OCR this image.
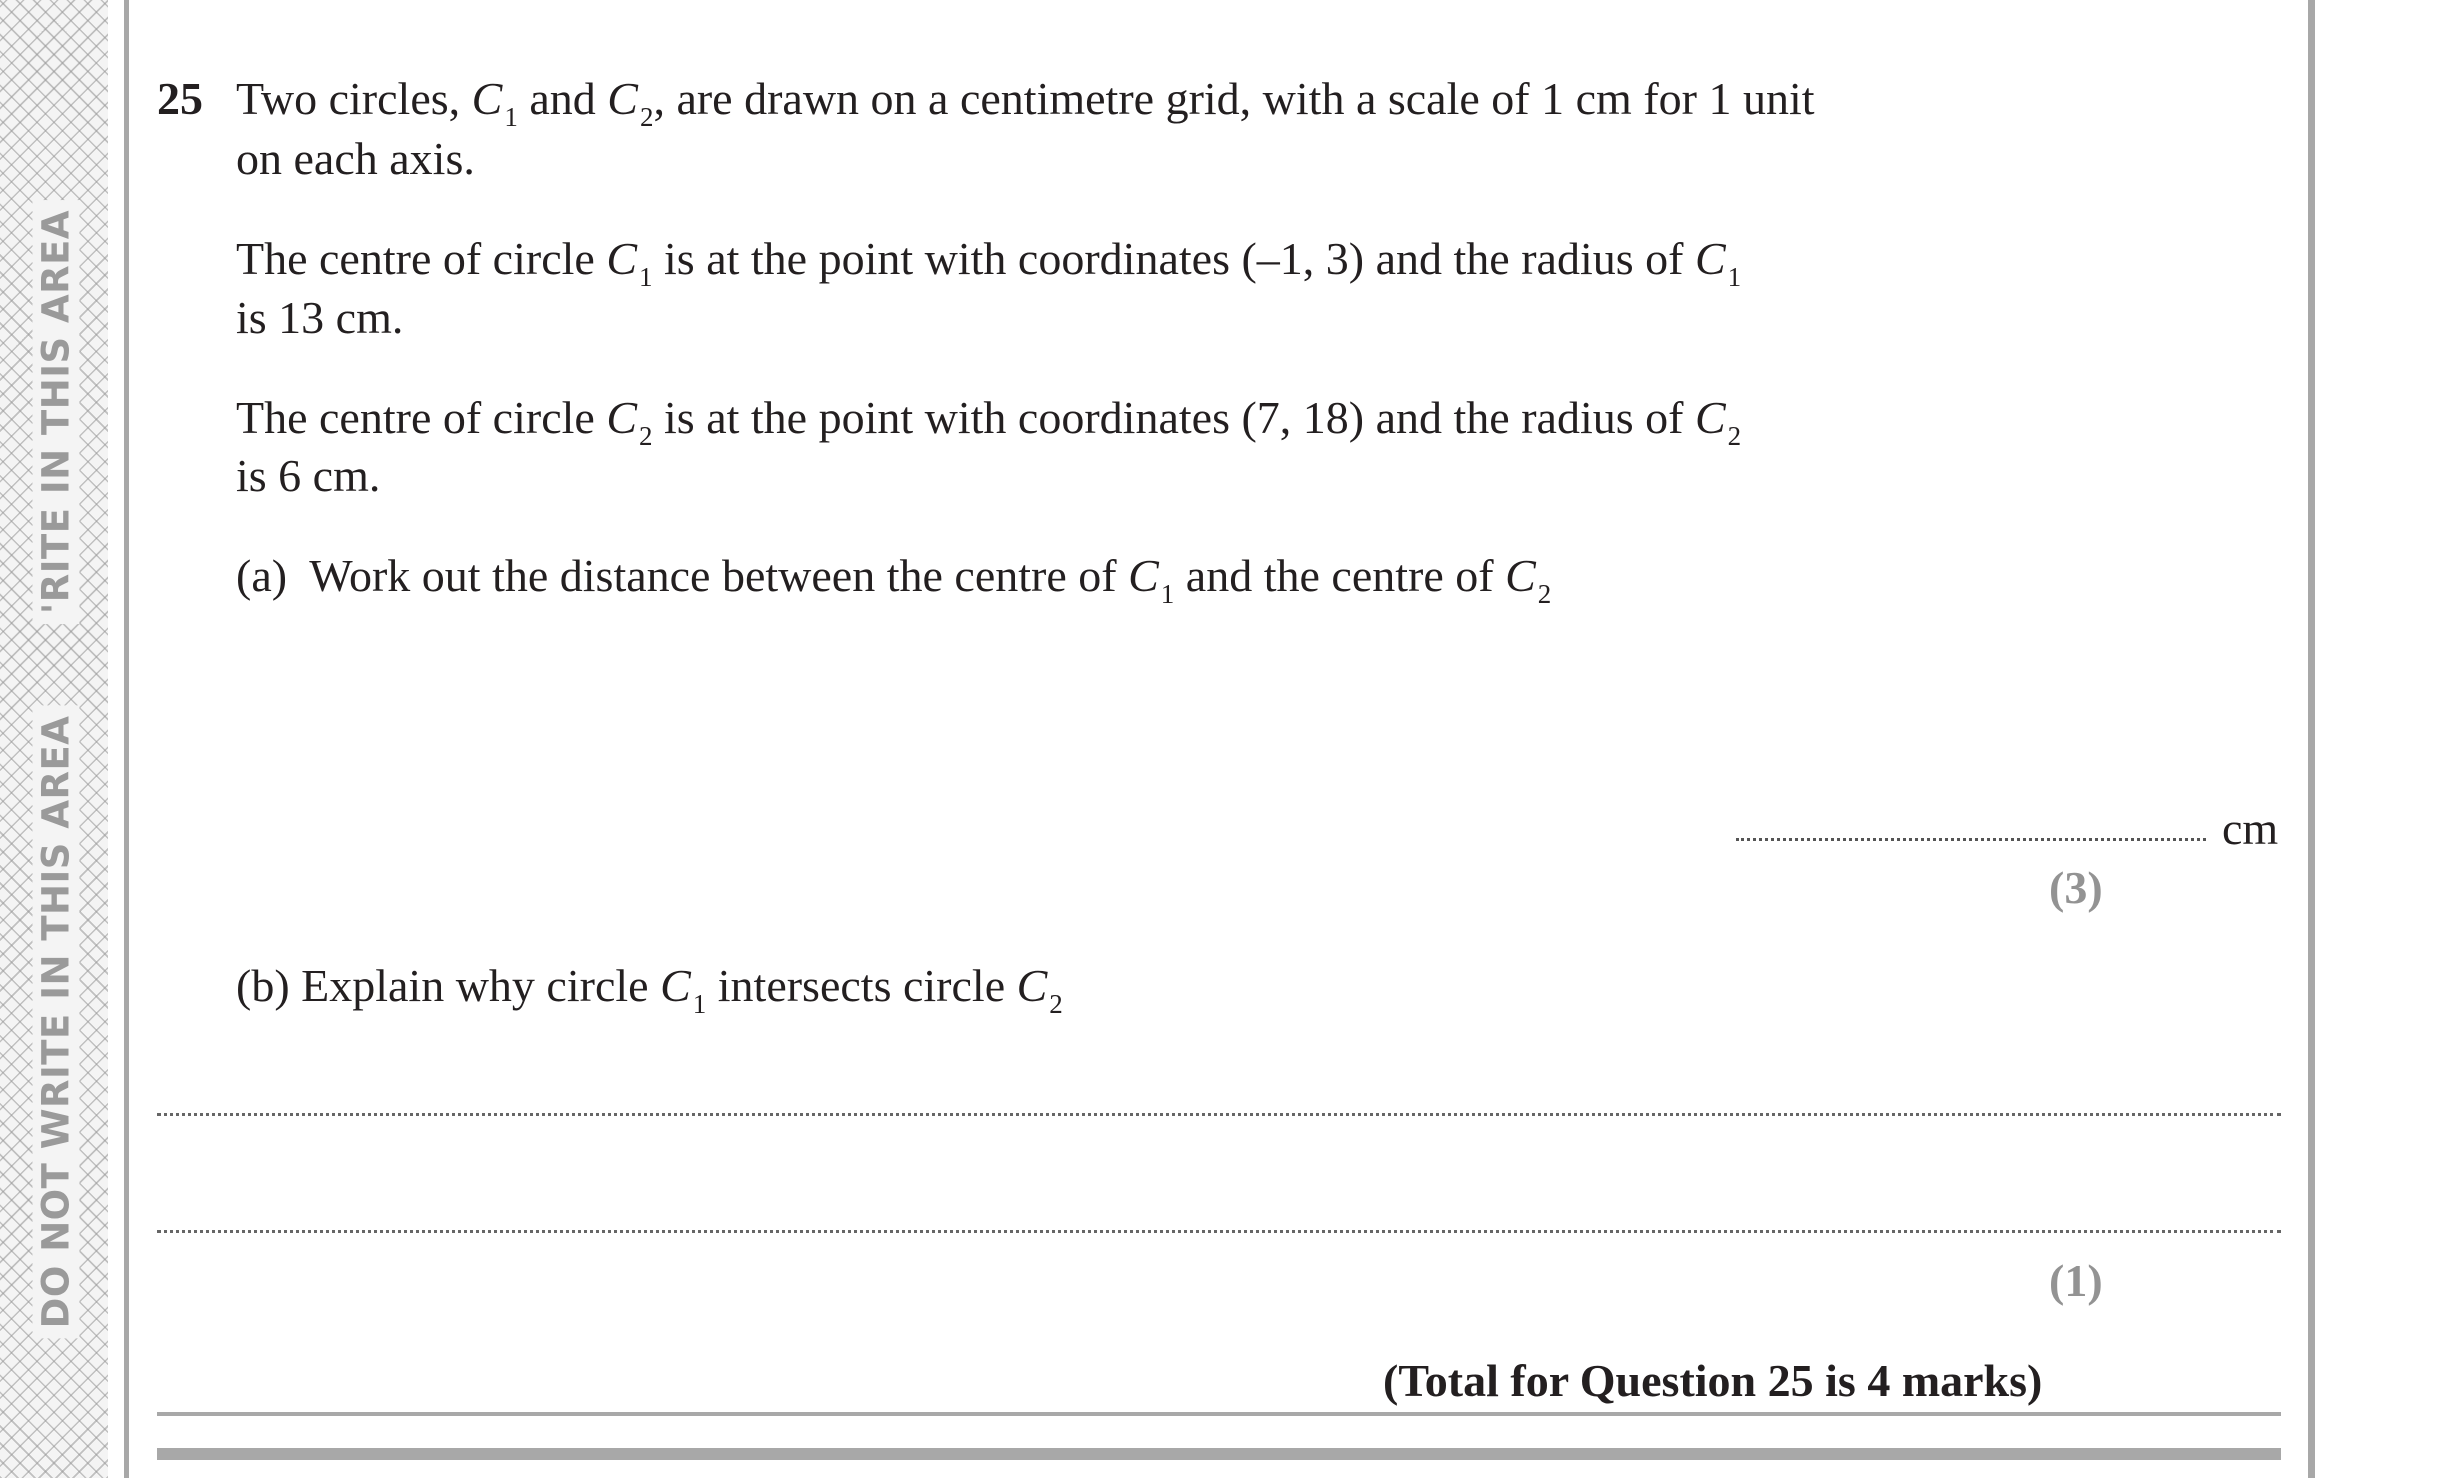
DO NOT WRITE IN THIS AREA
'RITE IN THIS AREA
25 Two circles, $C_1$ and $C_2$, are drawn on a centimetre grid, with a scale of 1 cm for 1 unit
on each axis.
The centre of circle $C_1$ is at the point with coordinates (–1, 3) and the radius of $C_1$
is 13 cm.
The centre of circle $C_2$ is at the point with coordinates (7, 18) and the radius of $C_2$
is 6 cm.
(a) Work out the distance between the centre of $C_1$ and the centre of $C_2$
cm
(3)
(b) Explain why circle $C_1$ intersects circle $C_2$
(1)
(Total for Question 25 is 4 marks)
